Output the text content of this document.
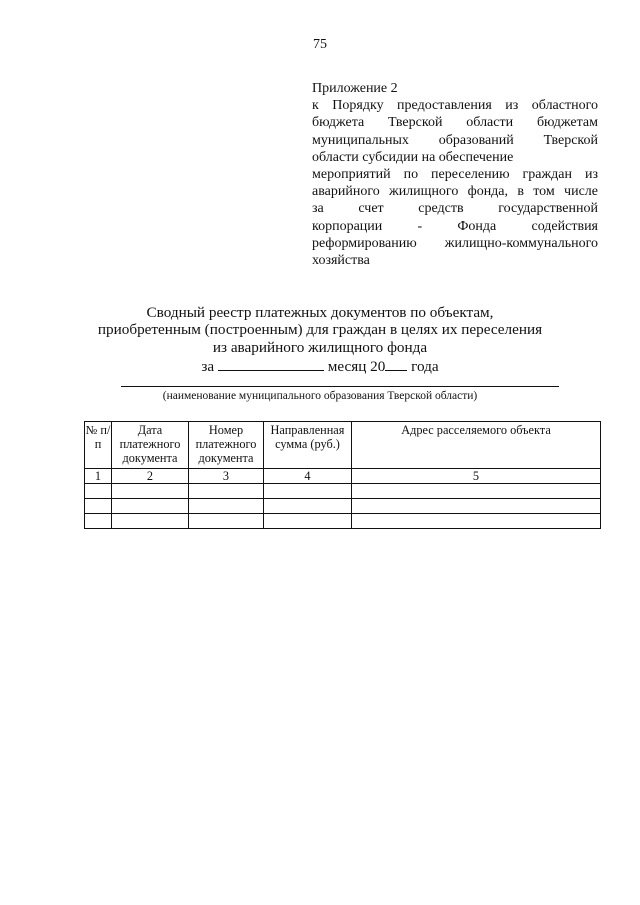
75
Приложение 2
к Порядку предоставления из областного
бюджета Тверской области бюджетам
муниципальных образований Тверской
области субсидии на обеспечение
мероприятий по переселению граждан из
аварийного жилищного фонда, в том числе
за счет средств государственной
корпорации - Фонда содействия
реформированию жилищно-коммунального
хозяйства
Сводный реестр платежных документов по объектам,
приобретенным (построенным) для граждан в целях их переселения
из аварийного жилищного фонда
за	месяц 20 года
(наименование муниципального образования Тверской области)
№ п/п	Дата платежного документа	Номер платежного документа	Направленная сумма (руб.)	Адрес расселяемого объекта
1	2	3	4	5
